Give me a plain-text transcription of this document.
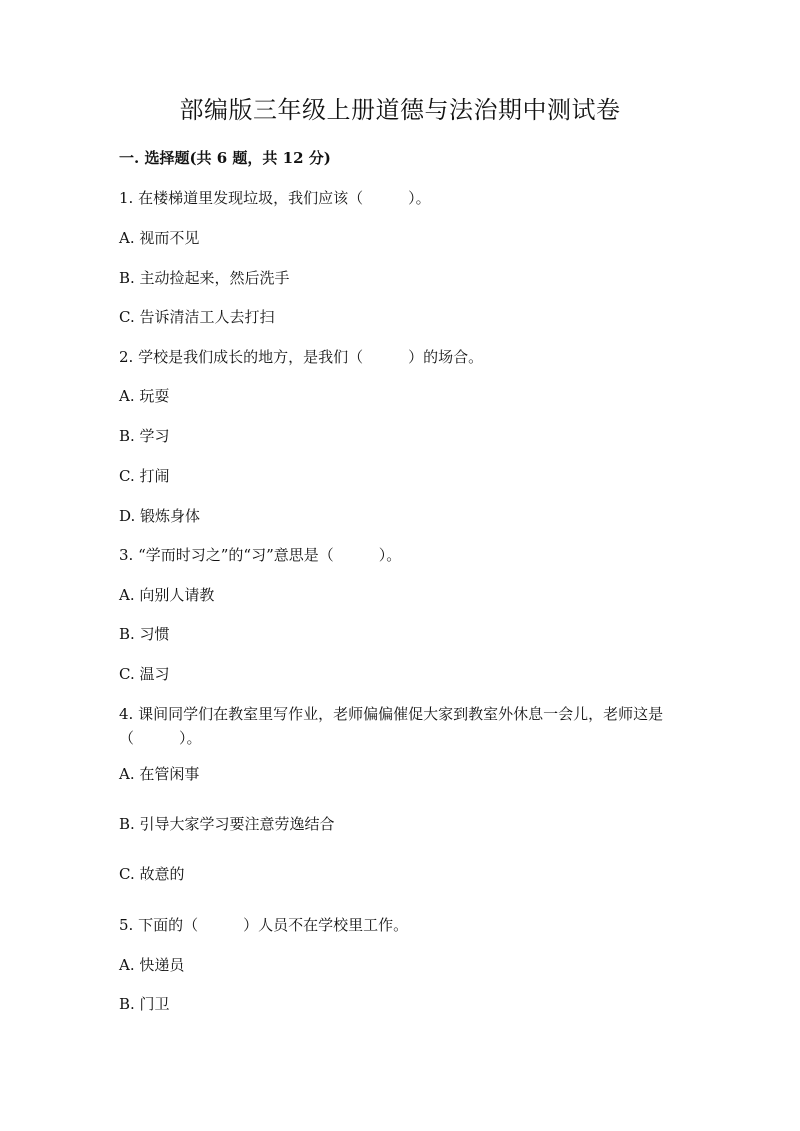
部编版三年级上册道德与法治期中测试卷
一. 选择题(共 6 题，共 12 分)
1. 在楼梯道里发现垃圾，我们应该（　　　）。
A. 视而不见
B. 主动捡起来，然后洗手
C. 告诉清洁工人去打扫
2. 学校是我们成长的地方，是我们（　　　）的场合。
A. 玩耍
B. 学习
C. 打闹
D. 锻炼身体
3. “学而时习之”的“习”意思是（　　　）。
A. 向别人请教
B. 习惯
C. 温习
4. 课间同学们在教室里写作业，老师偏偏催促大家到教室外休息一会儿，老师这是（　　　）。
A. 在管闲事
B. 引导大家学习要注意劳逸结合
C. 故意的
5. 下面的（　　　）人员不在学校里工作。
A. 快递员
B. 门卫
